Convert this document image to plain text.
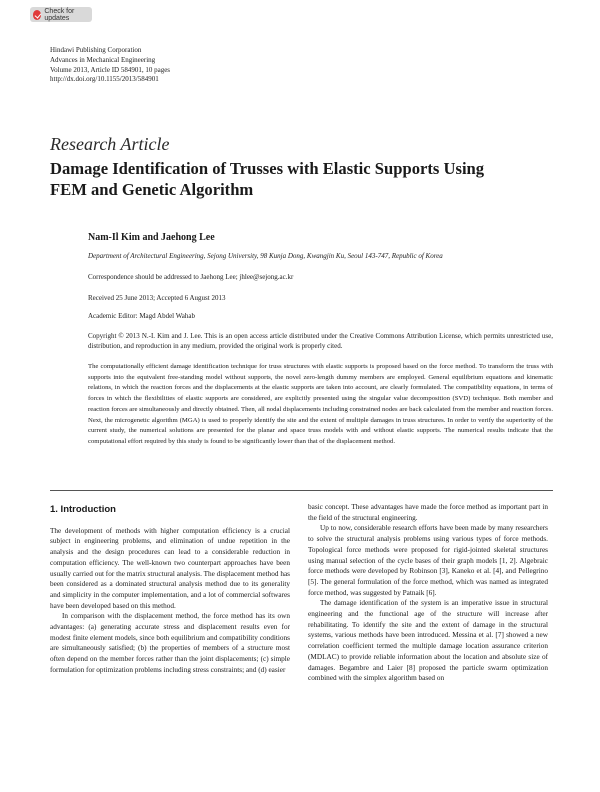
Check for updates
Hindawi Publishing Corporation
Advances in Mechanical Engineering
Volume 2013, Article ID 584901, 10 pages
http://dx.doi.org/10.1155/2013/584901
Research Article
Damage Identification of Trusses with Elastic Supports Using FEM and Genetic Algorithm
Nam-Il Kim and Jaehong Lee
Department of Architectural Engineering, Sejong University, 98 Kunja Dong, Kwangjin Ku, Seoul 143-747, Republic of Korea
Correspondence should be addressed to Jaehong Lee; jhlee@sejong.ac.kr
Received 25 June 2013; Accepted 6 August 2013
Academic Editor: Magd Abdel Wahab

Copyright © 2013 N.-I. Kim and J. Lee. This is an open access article distributed under the Creative Commons Attribution License, which permits unrestricted use, distribution, and reproduction in any medium, provided the original work is properly cited.

The computationally efficient damage identification technique for truss structures with elastic supports is proposed based on the force method. To transform the truss with supports into the equivalent free-standing model without supports, the novel zero-length dummy members are employed. General equilibrium equations and kinematic relations, in which the reaction forces and the displacements at the elastic supports are taken into account, are clearly formulated. The compatibility equations, in terms of forces in which the flexibilities of elastic supports are considered, are explicitly presented using the singular value decomposition (SVD) technique. Both member and reaction forces are simultaneously and directly obtained. Then, all nodal displacements including constrained nodes are back calculated from the member and reaction forces. Next, the microgenetic algorithm (MGA) is used to properly identify the site and the extent of multiple damages in truss structures. In order to verify the superiority of the current study, the numerical solutions are presented for the planar and space truss models with and without elastic supports. The numerical results indicate that the computational effort required by this study is found to be significantly lower than that of the displacement method.

1. Introduction

The development of methods with higher computation efficiency is a crucial subject in engineering problems, and elimination of undue repetition in the analysis and the design procedures can lead to a considerable reduction in computation efficiency. The well-known two counterpart approaches have been usually carried out for the matrix structural analysis. The displacement method has been considered as a dominated structural analysis method due to its generality and simplicity in the computer implementation, and a lot of commercial softwares have been developed based on this method.

In comparison with the displacement method, the force method has its own advantages: (a) generating accurate stress and displacement results even for modest finite element models, since both equilibrium and compatibility conditions are simultaneously satisfied; (b) the properties of members of a structure most often depend on the member forces rather than the joint displacements; (c) simple formulation for optimization problems including stress constraints; and (d) easier

basic concept. These advantages have made the force method as important part in the field of the structural engineering.

Up to now, considerable research efforts have been made by many researchers to solve the structural analysis problems using various types of force methods. Topological force methods were proposed for rigid-jointed skeletal structures using manual selection of the cycle bases of their graph models [1, 2]. Algebraic force methods were developed by Robinson [3], Kaneko et al. [4], and Pellegrino [5]. The general formulation of the force method, which was named as integrated force method, was suggested by Patnaik [6].

The damage identification of the system is an imperative issue in structural engineering and the functional age of the structure will increase after rehabilitating. To identify the site and the extent of damage in the structural systems, various methods have been introduced. Messina et al. [7] showed a new correlation coefficient termed the multiple damage location assurance criterion (MDLAC) to provide reliable information about the location and absolute size of damages. Begambre and Laier [8] proposed the particle swarm optimization combined with the simplex algorithm based on
